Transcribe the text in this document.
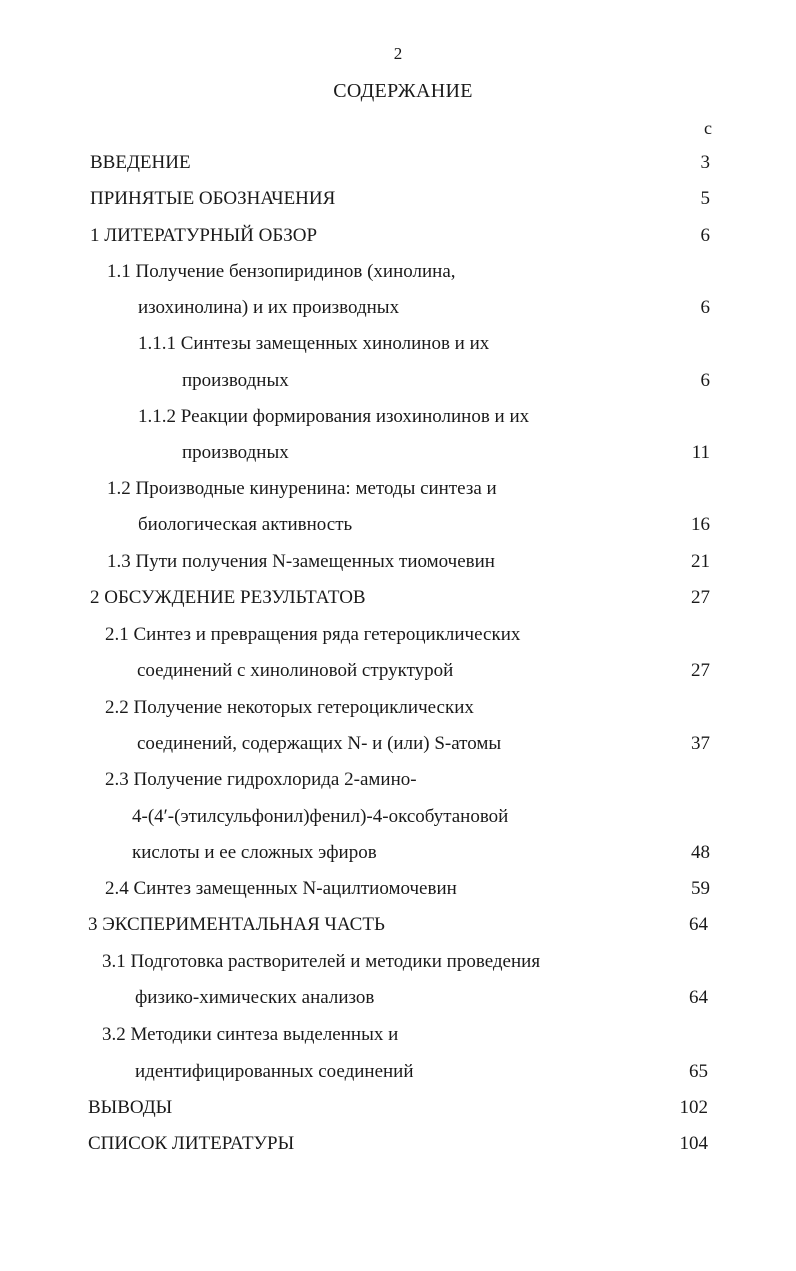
2
СОДЕРЖАНИЕ
с
ВВЕДЕНИЕ	3
ПРИНЯТЫЕ ОБОЗНАЧЕНИЯ	5
1 ЛИТЕРАТУРНЫЙ ОБЗОР	6
1.1 Получение бензопиридинов (хинолина,
изохинолина) и их производных	6
1.1.1 Синтезы замещенных хинолинов и их
производных	6
1.1.2 Реакции формирования изохинолинов и их
производных	11
1.2 Производные кинуренина: методы синтеза и
биологическая активность	16
1.3 Пути получения N-замещенных тиомочевин	21
2 ОБСУЖДЕНИЕ РЕЗУЛЬТАТОВ	27
2.1 Синтез и превращения ряда гетероциклических
соединений с хинолиновой структурой	27
2.2 Получение некоторых гетероциклических
соединений, содержащих N- и (или) S-атомы	37
2.3 Получение гидрохлорида 2-амино-
4-(4′-(этилсульфонил)фенил)-4-оксобутановой
кислоты и ее сложных эфиров	48
2.4 Синтез замещенных N-ацилтиомочевин	59
3 ЭКСПЕРИМЕНТАЛЬНАЯ ЧАСТЬ	64
3.1 Подготовка растворителей и методики проведения
физико-химических анализов	64
3.2 Методики синтеза выделенных и
идентифицированных соединений	65
ВЫВОДЫ	102
СПИСОК ЛИТЕРАТУРЫ	104
